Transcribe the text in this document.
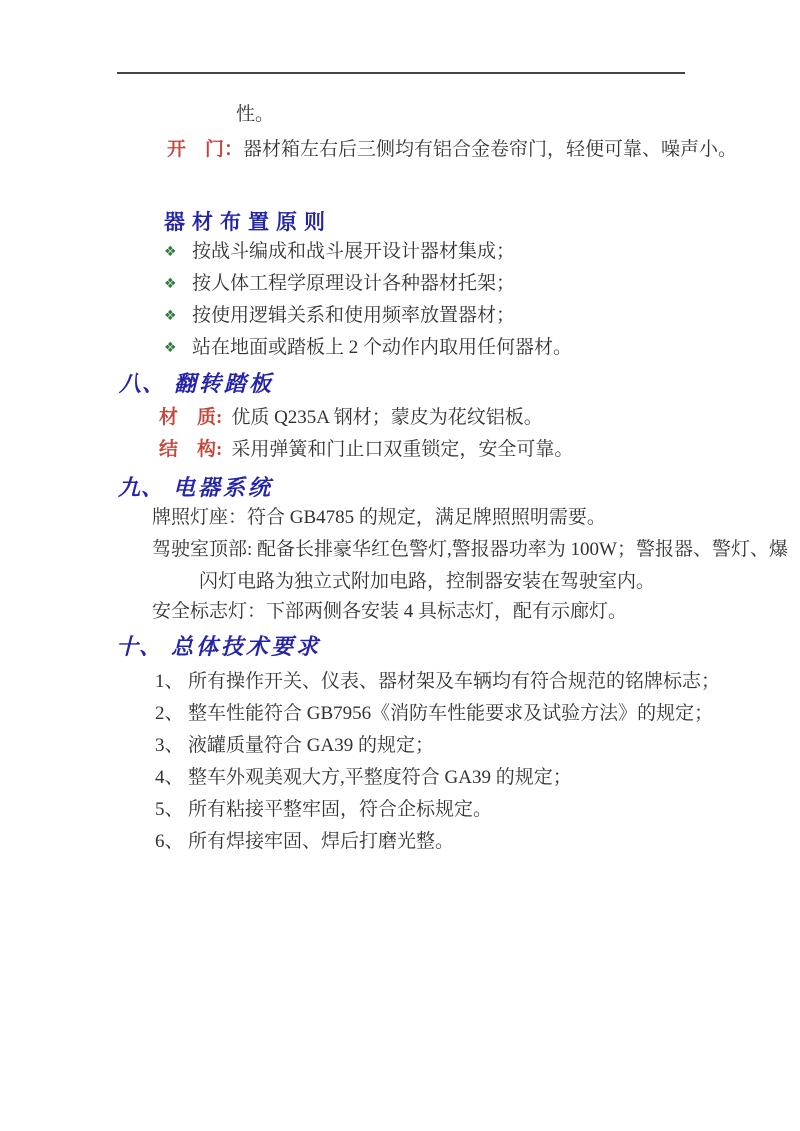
性。
开　门：器材箱左右后三侧均有铝合金卷帘门，轻便可靠、噪声小。
器材布置原则
❖ 按战斗编成和战斗展开设计器材集成；
❖ 按人体工程学原理设计各种器材托架；
❖ 按使用逻辑关系和使用频率放置器材；
❖ 站在地面或踏板上 2 个动作内取用任何器材。
八、 翻转踏板
材　质: 优质 Q235A 钢材；蒙皮为花纹铝板。
结　构: 采用弹簧和门止口双重锁定，安全可靠。
九、 电器系统
牌照灯座：符合 GB4785 的规定，满足牌照照明需要。
驾驶室顶部: 配备长排豪华红色警灯,警报器功率为 100W；警报器、警灯、爆
闪灯电路为独立式附加电路，控制器安装在驾驶室内。
安全标志灯：下部两侧各安装 4 具标志灯，配有示廊灯。
十、 总体技术要求
1、 所有操作开关、仪表、器材架及车辆均有符合规范的铭牌标志；
2、 整车性能符合 GB7956《消防车性能要求及试验方法》的规定；
3、 液罐质量符合 GA39 的规定；
4、 整车外观美观大方,平整度符合 GA39 的规定；
5、 所有粘接平整牢固，符合企标规定。
6、 所有焊接牢固、焊后打磨光整。
